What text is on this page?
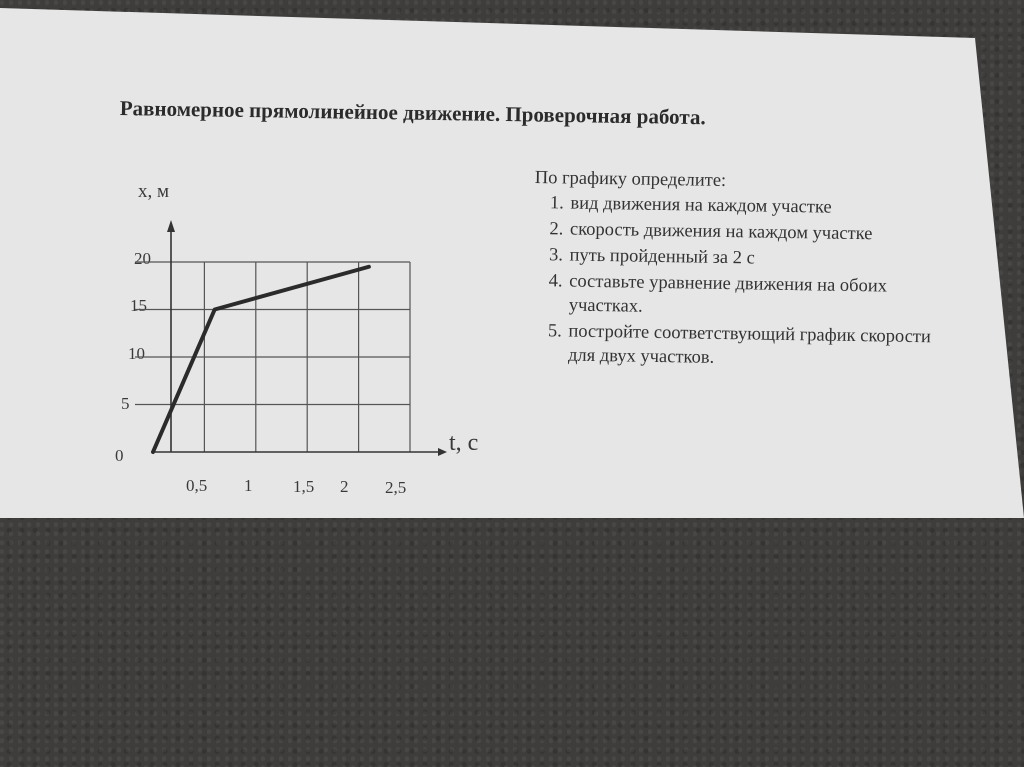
Равномерное прямолинейное движение. Проверочная работа.
По графику определите:
1. вид движения на каждом участке
2. скорость движения на каждом участке
3. путь пройденный за 2 с
4. составьте уравнение движения на обоих участках.
5. постройте соответствующий график скорости для двух участков.
x, м
t, c
0
5
10
15
20
0,5 1 1,5 2 2,5
